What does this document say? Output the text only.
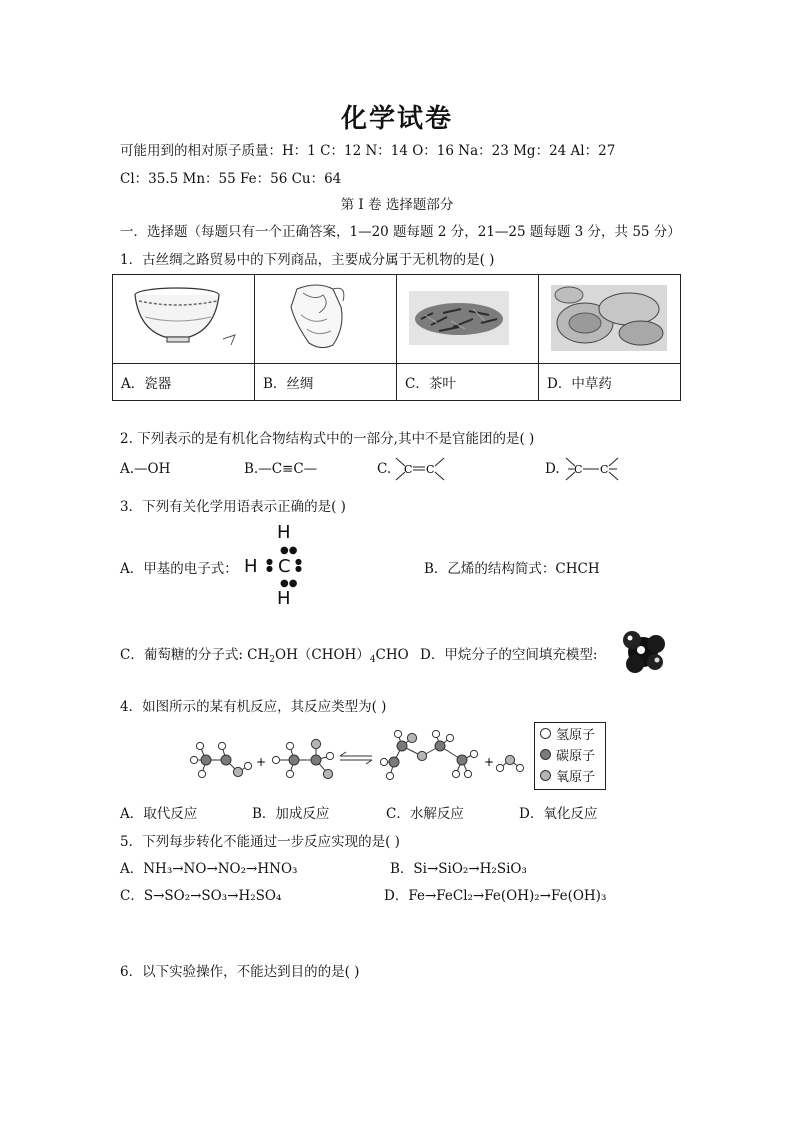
化学试卷
可能用到的相对原子质量：H：1 C：12 N：14 O：16 Na：23 Mg：24 Al：27
Cl：35.5 Mn：55 Fe：56 Cu：64
第 I 卷 选择题部分
一．选择题（每题只有一个正确答案，1—20 题每题 2 分，21—25 题每题 3 分，共 55 分）
1．古丝绸之路贸易中的下列商品，主要成分属于无机物的是( )

A．瓷器	B．丝绸	C．茶叶	D．中草药
2. 下列表示的是有机化合物结构式中的一部分,其中不是官能团的是( )
A.—OH	B.—C≡C—	C. C C	D. C C
3．下列有关化学用语表示正确的是( )
A．甲基的电子式：
H
●●
H ●
● C ●
●
●●
H
B．乙烯的结构简式：CHCH
C．葡萄糖的分子式: $CH_2OH(CHOH)_4CHO$ D．甲烷分子的空间填充模型:
4．如图所示的某有机反应，其反应类型为( )
+	+
氢原子
碳原子
氧原子
A．取代反应	B．加成反应	C．水解反应	D．氧化反应
5．下列每步转化不能通过一步反应实现的是( )
A．NH₃→NO→NO₂→HNO₃	B．Si→SiO₂→H₂SiO₃
C．S→SO₂→SO₃→H₂SO₄	D．Fe→FeCl₂→Fe(OH)₂→Fe(OH)₃
6．以下实验操作，不能达到目的的是( )
